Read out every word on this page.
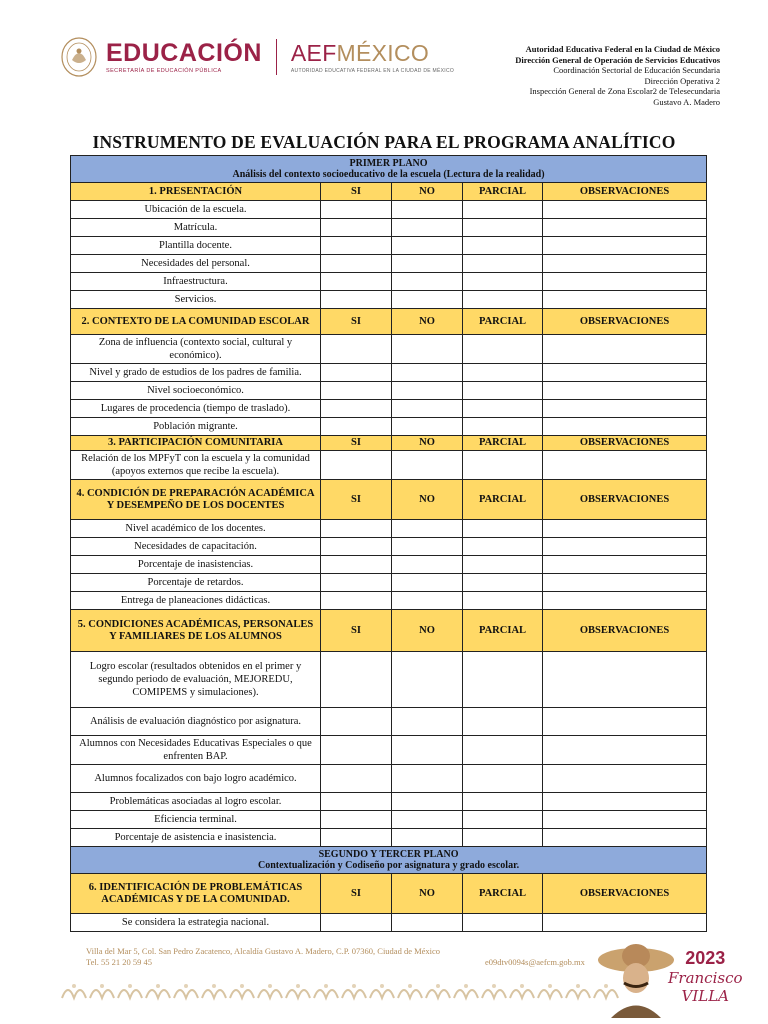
EDUCACIÓN
SECRETARÍA DE EDUCACIÓN PÚBLICA
AEFMÉXICO
AUTORIDAD EDUCATIVA FEDERAL EN LA CIUDAD DE MÉXICO
Autoridad Educativa Federal en la Ciudad de México
Dirección General de Operación de Servicios Educativos
Coordinación Sectorial de Educación Secundaria
Dirección Operativa 2
Inspección General de Zona Escolar2 de Telesecundaria
Gustavo A. Madero
INSTRUMENTO DE EVALUACIÓN PARA EL PROGRAMA ANALÍTICO
PRIMER PLANO
Análisis del contexto socioeducativo de la escuela (Lectura de la realidad)				

1. PRESENTACIÓN	SI	NO	PARCIAL	OBSERVACIONES
Ubicación de la escuela.				
Matrícula.				
Plantilla docente.				
Necesidades del personal.				
Infraestructura.				
Servicios.				
2. CONTEXTO DE LA COMUNIDAD ESCOLAR	SI	NO	PARCIAL	OBSERVACIONES
Zona de influencia (contexto social, cultural y económico).				
Nivel y grado de estudios de los padres de familia.				
Nivel socioeconómico.				
Lugares de procedencia (tiempo de traslado).				
Población migrante.				
3. PARTICIPACIÓN COMUNITARIA	SI	NO	PARCIAL	OBSERVACIONES
Relación de los MPFyT con la escuela y la comunidad (apoyos externos que recibe la escuela).				
4. CONDICIÓN DE PREPARACIÓN ACADÉMICA Y DESEMPEÑO DE LOS DOCENTES	SI	NO	PARCIAL	OBSERVACIONES
Nivel académico de los docentes.				
Necesidades de capacitación.				
Porcentaje de inasistencias.				
Porcentaje de retardos.				
Entrega de planeaciones didácticas.				
5. CONDICIONES ACADÉMICAS, PERSONALES Y FAMILIARES DE LOS ALUMNOS	SI	NO	PARCIAL	OBSERVACIONES
Logro escolar (resultados obtenidos en el primer y segundo periodo de evaluación, MEJOREDU, COMIPEMS y simulaciones).				
Análisis de evaluación diagnóstico por asignatura.				
Alumnos con Necesidades Educativas Especiales o que enfrenten BAP.				
Alumnos focalizados con bajo logro académico.				
Problemáticas asociadas al logro escolar.				
Eficiencia terminal.				
Porcentaje de asistencia e inasistencia.				

SEGUNDO Y TERCER PLANO
Contextualización y Codiseño por asignatura y grado escolar.				

6. IDENTIFICACIÓN DE PROBLEMÁTICAS ACADÉMICAS Y DE LA COMUNIDAD.	SI	NO	PARCIAL	OBSERVACIONES
Se considera la estrategia nacional.				
Villa del Mar 5, Col. San Pedro Zacatenco, Alcaldía Gustavo A. Madero, C.P. 07360, Ciudad de México
Tel. 55 21 20 59 45	e09dtv0094s@aefcm.gob.mx	2023
Francisco
VILLA
